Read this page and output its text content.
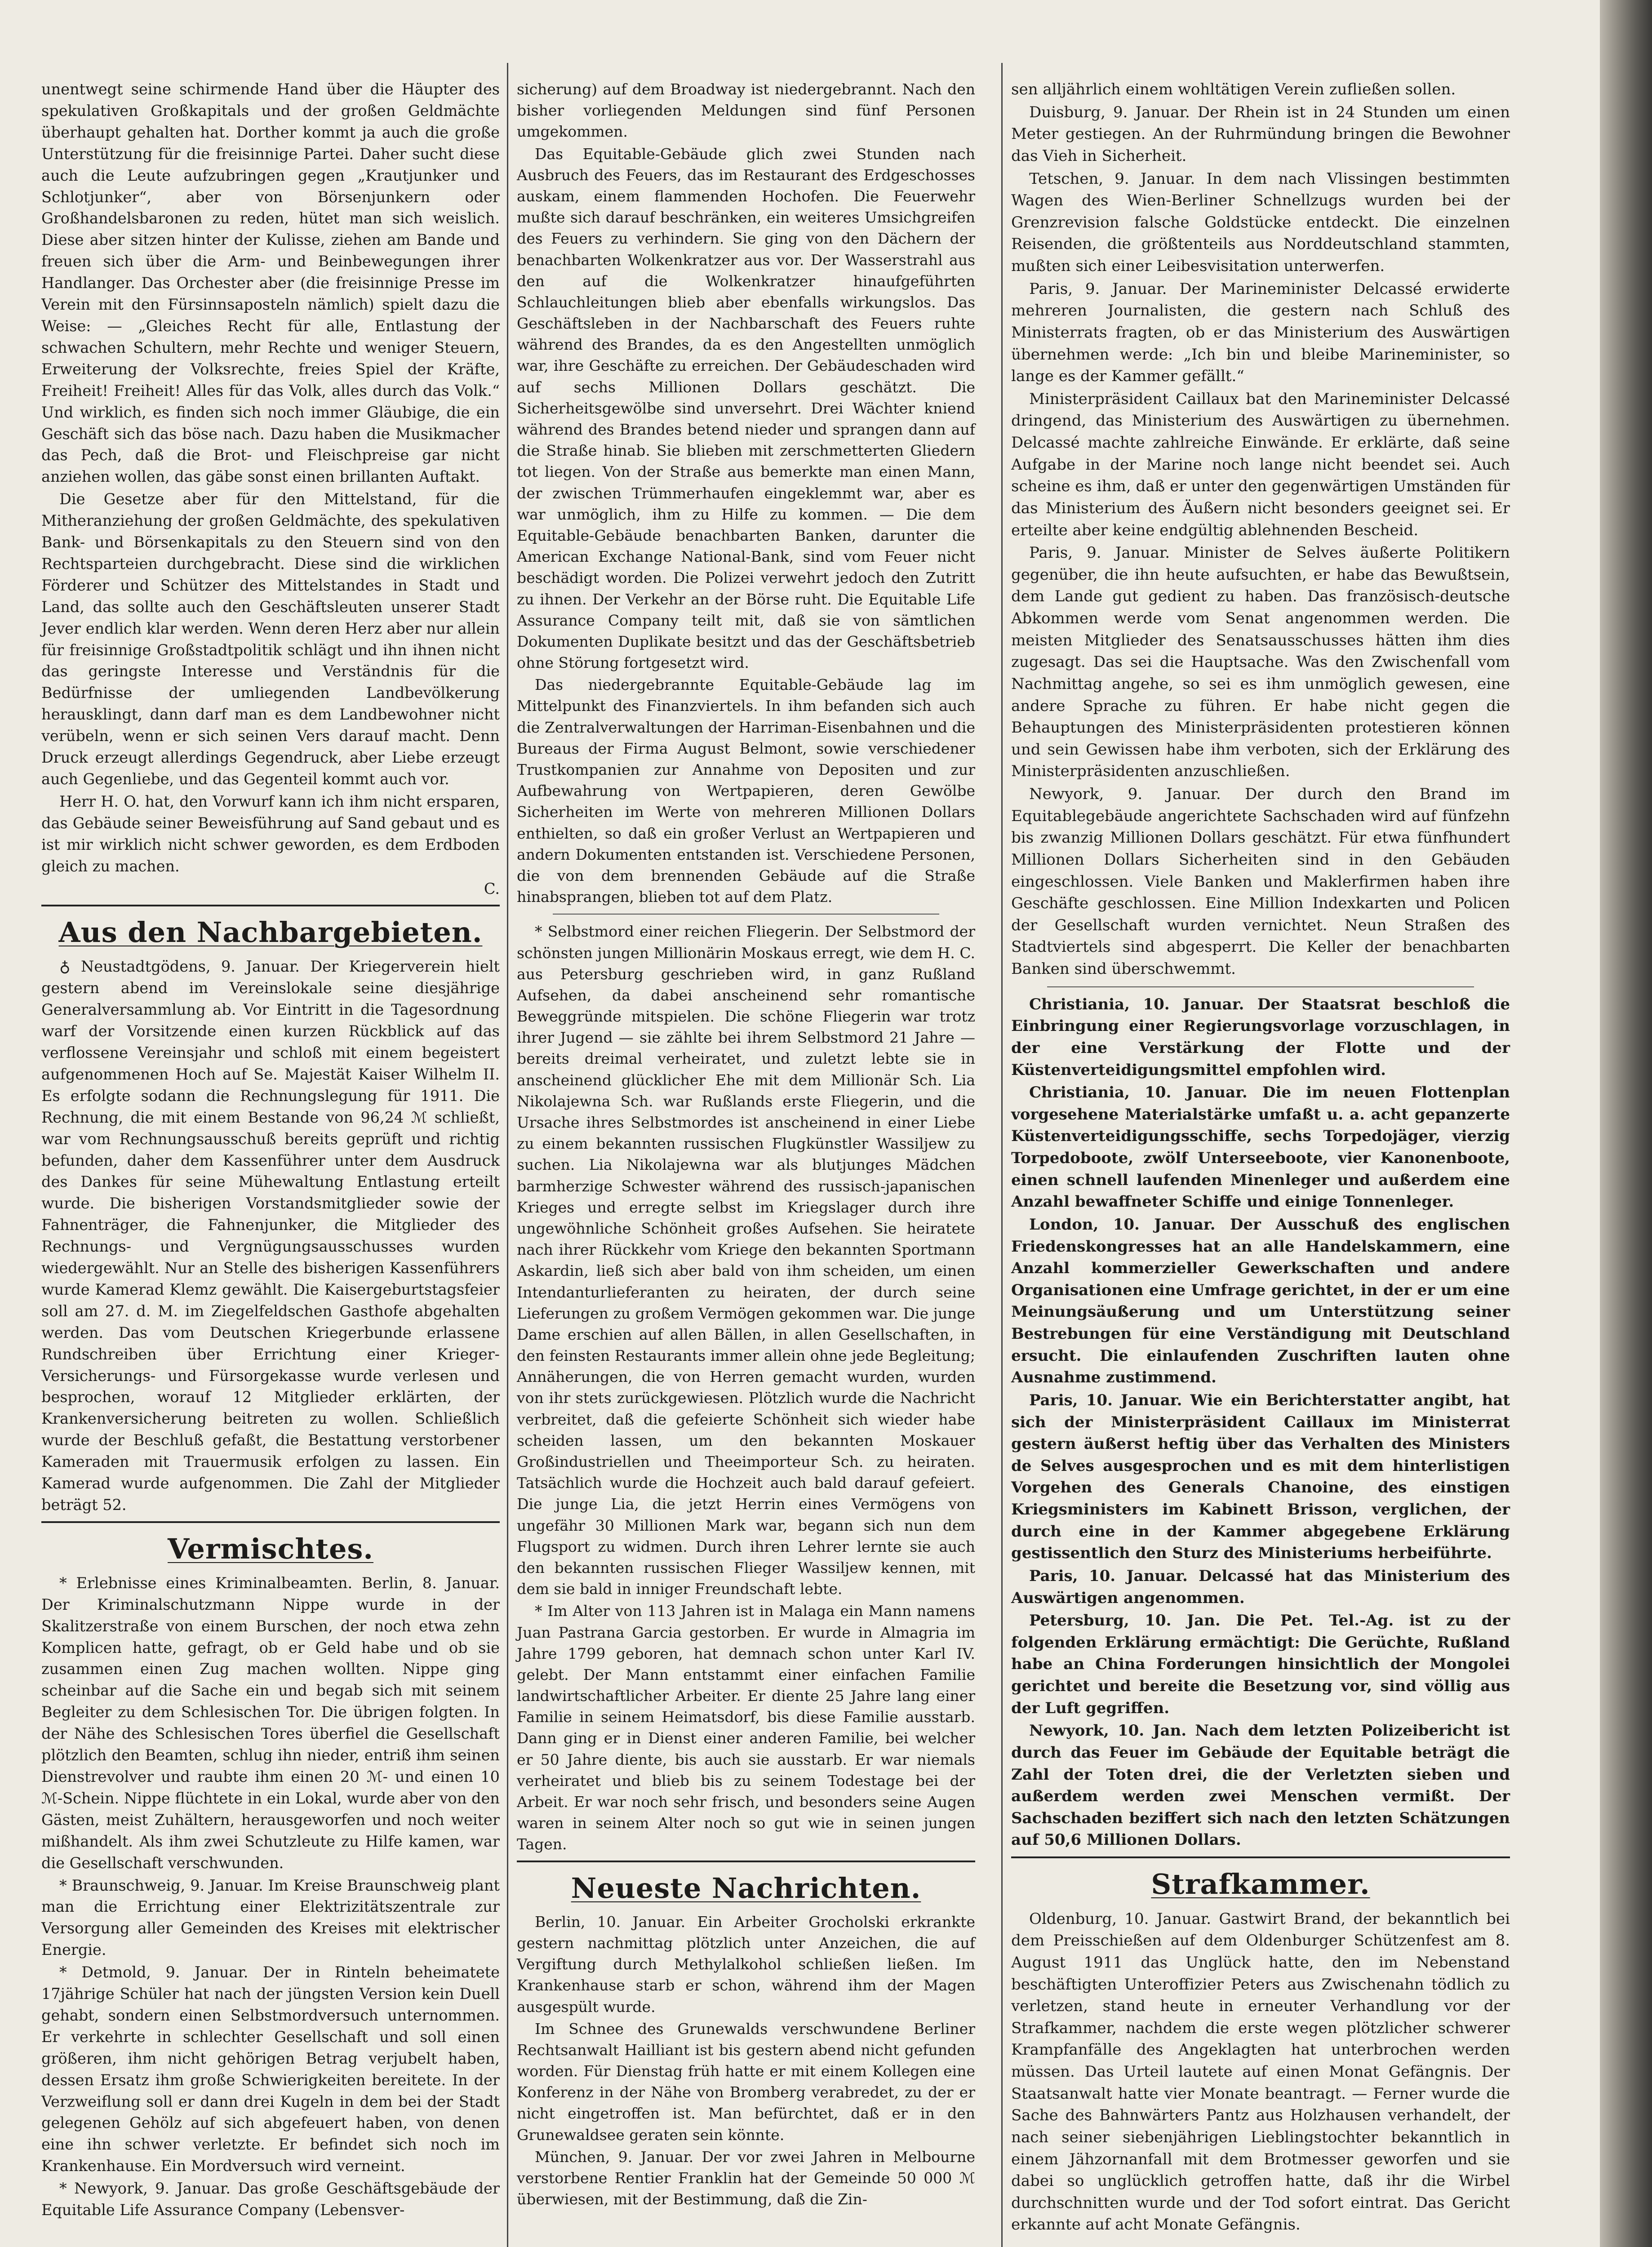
unentwegt seine schirmende Hand über die Häupter des spekulativen Großkapitals und der großen Geldmächte überhaupt gehalten hat. Dorther kommt ja auch die große Unterstützung für die freisinnige Partei. Daher sucht diese auch die Leute aufzubringen gegen „Krautjunker und Schlotjunker“, aber von Börsenjunkern oder Großhandelsbaronen zu reden, hütet man sich weislich. Diese aber sitzen hinter der Kulisse, ziehen am Bande und freuen sich über die Arm- und Beinbewegungen ihrer Handlanger. Das Orchester aber (die freisinnige Presse im Verein mit den Fürsinnsaposteln nämlich) spielt dazu die Weise: — „Gleiches Recht für alle, Entlastung der schwachen Schultern, mehr Rechte und weniger Steuern, Erweiterung der Volksrechte, freies Spiel der Kräfte, Freiheit! Freiheit! Alles für das Volk, alles durch das Volk.“ Und wirklich, es finden sich noch immer Gläubige, die ein Geschäft sich das böse nach. Dazu haben die Musikmacher das Pech, daß die Brot- und Fleischpreise gar nicht anziehen wollen, das gäbe sonst einen brillanten Auftakt.

Die Gesetze aber für den Mittelstand, für die Mitheranziehung der großen Geldmächte, des spekulativen Bank- und Börsenkapitals zu den Steuern sind von den Rechtsparteien durchgebracht. Diese sind die wirklichen Förderer und Schützer des Mittelstandes in Stadt und Land, das sollte auch den Geschäftsleuten unserer Stadt Jever endlich klar werden. Wenn deren Herz aber nur allein für freisinnige Großstadtpolitik schlägt und ihn ihnen nicht das geringste Interesse und Verständnis für die Bedürfnisse der umliegenden Landbevölkerung herausklingt, dann darf man es dem Landbewohner nicht verübeln, wenn er sich seinen Vers darauf macht. Denn Druck erzeugt allerdings Gegendruck, aber Liebe erzeugt auch Gegenliebe, und das Gegenteil kommt auch vor.

Herr H. O. hat, den Vorwurf kann ich ihm nicht ersparen, das Gebäude seiner Beweisführung auf Sand gebaut und es ist mir wirklich nicht schwer geworden, es dem Erdboden gleich zu machen.

C.
Aus den Nachbargebieten.

♁ Neustadtgödens, 9. Januar. Der Kriegerverein hielt gestern abend im Vereinslokale seine diesjährige Generalversammlung ab. Vor Eintritt in die Tagesordnung warf der Vorsitzende einen kurzen Rückblick auf das verflossene Vereinsjahr und schloß mit einem begeistert aufgenommenen Hoch auf Se. Majestät Kaiser Wilhelm II. Es erfolgte sodann die Rechnungslegung für 1911. Die Rechnung, die mit einem Bestande von 96,24 ℳ schließt, war vom Rechnungsausschuß bereits geprüft und richtig befunden, daher dem Kassenführer unter dem Ausdruck des Dankes für seine Mühewaltung Entlastung erteilt wurde. Die bisherigen Vorstandsmitglieder sowie der Fahnenträger, die Fahnenjunker, die Mitglieder des Rechnungs- und Vergnügungsausschusses wurden wiedergewählt. Nur an Stelle des bisherigen Kassenführers wurde Kamerad Klemz gewählt. Die Kaisergeburtstagsfeier soll am 27. d. M. im Ziegelfeldschen Gasthofe abgehalten werden. Das vom Deutschen Kriegerbunde erlassene Rundschreiben über Errichtung einer Krieger-Versicherungs- und Fürsorgekasse wurde verlesen und besprochen, worauf 12 Mitglieder erklärten, der Krankenversicherung beitreten zu wollen. Schließlich wurde der Beschluß gefaßt, die Bestattung verstorbener Kameraden mit Trauermusik erfolgen zu lassen. Ein Kamerad wurde aufgenommen. Die Zahl der Mitglieder beträgt 52.

Vermischtes.

* Erlebnisse eines Kriminalbeamten. Berlin, 8. Januar. Der Kriminalschutzmann Nippe wurde in der Skalitzerstraße von einem Burschen, der noch etwa zehn Komplicen hatte, gefragt, ob er Geld habe und ob sie zusammen einen Zug machen wollten. Nippe ging scheinbar auf die Sache ein und begab sich mit seinem Begleiter zu dem Schlesischen Tor. Die übrigen folgten. In der Nähe des Schlesischen Tores überfiel die Gesellschaft plötzlich den Beamten, schlug ihn nieder, entriß ihm seinen Dienstrevolver und raubte ihm einen 20 ℳ- und einen 10 ℳ-Schein. Nippe flüchtete in ein Lokal, wurde aber von den Gästen, meist Zuhältern, herausgeworfen und noch weiter mißhandelt. Als ihm zwei Schutzleute zu Hilfe kamen, war die Gesellschaft verschwunden.

* Braunschweig, 9. Januar. Im Kreise Braunschweig plant man die Errichtung einer Elektrizitätszentrale zur Versorgung aller Gemeinden des Kreises mit elektrischer Energie.

* Detmold, 9. Januar. Der in Rinteln beheimatete 17jährige Schüler hat nach der jüngsten Version kein Duell gehabt, sondern einen Selbstmordversuch unternommen. Er verkehrte in schlechter Gesellschaft und soll einen größeren, ihm nicht gehörigen Betrag verjubelt haben, dessen Ersatz ihm große Schwierigkeiten bereitete. In der Verzweiflung soll er dann drei Kugeln in dem bei der Stadt gelegenen Gehölz auf sich abgefeuert haben, von denen eine ihn schwer verletzte. Er befindet sich noch im Krankenhause. Ein Mordversuch wird verneint.

* Newyork, 9. Januar. Das große Geschäftsgebäude der Equitable Life Assurance Company (Lebensver-

sicherung) auf dem Broadway ist niedergebrannt. Nach den bisher vorliegenden Meldungen sind fünf Personen umgekommen.

Das Equitable-Gebäude glich zwei Stunden nach Ausbruch des Feuers, das im Restaurant des Erdgeschosses auskam, einem flammenden Hochofen. Die Feuerwehr mußte sich darauf beschränken, ein weiteres Umsichgreifen des Feuers zu verhindern. Sie ging von den Dächern der benachbarten Wolkenkratzer aus vor. Der Wasserstrahl aus den auf die Wolkenkratzer hinaufgeführten Schlauchleitungen blieb aber ebenfalls wirkungslos. Das Geschäftsleben in der Nachbarschaft des Feuers ruhte während des Brandes, da es den Angestellten unmöglich war, ihre Geschäfte zu erreichen. Der Gebäudeschaden wird auf sechs Millionen Dollars geschätzt. Die Sicherheitsgewölbe sind unversehrt. Drei Wächter kniend während des Brandes betend nieder und sprangen dann auf die Straße hinab. Sie blieben mit zerschmetterten Gliedern tot liegen. Von der Straße aus bemerkte man einen Mann, der zwischen Trümmerhaufen eingeklemmt war, aber es war unmöglich, ihm zu Hilfe zu kommen. — Die dem Equitable-Gebäude benachbarten Banken, darunter die American Exchange National-Bank, sind vom Feuer nicht beschädigt worden. Die Polizei verwehrt jedoch den Zutritt zu ihnen. Der Verkehr an der Börse ruht. Die Equitable Life Assurance Company teilt mit, daß sie von sämtlichen Dokumenten Duplikate besitzt und das der Geschäftsbetrieb ohne Störung fortgesetzt wird.

Das niedergebrannte Equitable-Gebäude lag im Mittelpunkt des Finanzviertels. In ihm befanden sich auch die Zentralverwaltungen der Harriman-Eisenbahnen und die Bureaus der Firma August Belmont, sowie verschiedener Trustkompanien zur Annahme von Depositen und zur Aufbewahrung von Wertpapieren, deren Gewölbe Sicherheiten im Werte von mehreren Millionen Dollars enthielten, so daß ein großer Verlust an Wertpapieren und andern Dokumenten entstanden ist. Verschiedene Personen, die von dem brennenden Gebäude auf die Straße hinabsprangen, blieben tot auf dem Platz.

* Selbstmord einer reichen Fliegerin. Der Selbstmord der schönsten jungen Millionärin Moskaus erregt, wie dem H. C. aus Petersburg geschrieben wird, in ganz Rußland Aufsehen, da dabei anscheinend sehr romantische Beweggründe mitspielen. Die schöne Fliegerin war trotz ihrer Jugend — sie zählte bei ihrem Selbstmord 21 Jahre — bereits dreimal verheiratet, und zuletzt lebte sie in anscheinend glücklicher Ehe mit dem Millionär Sch. Lia Nikolajewna Sch. war Rußlands erste Fliegerin, und die Ursache ihres Selbstmordes ist anscheinend in einer Liebe zu einem bekannten russischen Flugkünstler Wassiljew zu suchen. Lia Nikolajewna war als blutjunges Mädchen barmherzige Schwester während des russisch-japanischen Krieges und erregte selbst im Kriegslager durch ihre ungewöhnliche Schönheit großes Aufsehen. Sie heiratete nach ihrer Rückkehr vom Kriege den bekannten Sportmann Askardin, ließ sich aber bald von ihm scheiden, um einen Intendanturlieferanten zu heiraten, der durch seine Lieferungen zu großem Vermögen gekommen war. Die junge Dame erschien auf allen Bällen, in allen Gesellschaften, in den feinsten Restaurants immer allein ohne jede Begleitung; Annäherungen, die von Herren gemacht wurden, wurden von ihr stets zurückgewiesen. Plötzlich wurde die Nachricht verbreitet, daß die gefeierte Schönheit sich wieder habe scheiden lassen, um den bekannten Moskauer Großindustriellen und Theeimporteur Sch. zu heiraten. Tatsächlich wurde die Hochzeit auch bald darauf gefeiert. Die junge Lia, die jetzt Herrin eines Vermögens von ungefähr 30 Millionen Mark war, begann sich nun dem Flugsport zu widmen. Durch ihren Lehrer lernte sie auch den bekannten russischen Flieger Wassiljew kennen, mit dem sie bald in inniger Freundschaft lebte.

* Im Alter von 113 Jahren ist in Malaga ein Mann namens Juan Pastrana Garcia gestorben. Er wurde in Almagria im Jahre 1799 geboren, hat demnach schon unter Karl IV. gelebt. Der Mann entstammt einer einfachen Familie landwirtschaftlicher Arbeiter. Er diente 25 Jahre lang einer Familie in seinem Heimatsdorf, bis diese Familie ausstarb. Dann ging er in Dienst einer anderen Familie, bei welcher er 50 Jahre diente, bis auch sie ausstarb. Er war niemals verheiratet und blieb bis zu seinem Todestage bei der Arbeit. Er war noch sehr frisch, und besonders seine Augen waren in seinem Alter noch so gut wie in seinen jungen Tagen.

Neueste Nachrichten.

Berlin, 10. Januar. Ein Arbeiter Grocholski erkrankte gestern nachmittag plötzlich unter Anzeichen, die auf Vergiftung durch Methylalkohol schließen ließen. Im Krankenhause starb er schon, während ihm der Magen ausgespült wurde.

Im Schnee des Grunewalds verschwundene Berliner Rechtsanwalt Hailliant ist bis gestern abend nicht gefunden worden. Für Dienstag früh hatte er mit einem Kollegen eine Konferenz in der Nähe von Bromberg verabredet, zu der er nicht eingetroffen ist. Man befürchtet, daß er in den Grunewaldsee geraten sein könnte.

München, 9. Januar. Der vor zwei Jahren in Melbourne verstorbene Rentier Franklin hat der Gemeinde 50 000 ℳ überwiesen, mit der Bestimmung, daß die Zin-

sen alljährlich einem wohltätigen Verein zufließen sollen.

Duisburg, 9. Januar. Der Rhein ist in 24 Stunden um einen Meter gestiegen. An der Ruhrmündung bringen die Bewohner das Vieh in Sicherheit.

Tetschen, 9. Januar. In dem nach Vlissingen bestimmten Wagen des Wien-Berliner Schnellzugs wurden bei der Grenzrevision falsche Goldstücke entdeckt. Die einzelnen Reisenden, die größtenteils aus Norddeutschland stammten, mußten sich einer Leibesvisitation unterwerfen.

Paris, 9. Januar. Der Marineminister Delcassé erwiderte mehreren Journalisten, die gestern nach Schluß des Ministerrats fragten, ob er das Ministerium des Auswärtigen übernehmen werde: „Ich bin und bleibe Marineminister, so lange es der Kammer gefällt.“

Ministerpräsident Caillaux bat den Marineminister Delcassé dringend, das Ministerium des Auswärtigen zu übernehmen. Delcassé machte zahlreiche Einwände. Er erklärte, daß seine Aufgabe in der Marine noch lange nicht beendet sei. Auch scheine es ihm, daß er unter den gegenwärtigen Umständen für das Ministerium des Äußern nicht besonders geeignet sei. Er erteilte aber keine endgültig ablehnenden Bescheid.

Paris, 9. Januar. Minister de Selves äußerte Politikern gegenüber, die ihn heute aufsuchten, er habe das Bewußtsein, dem Lande gut gedient zu haben. Das französisch-deutsche Abkommen werde vom Senat angenommen werden. Die meisten Mitglieder des Senatsausschusses hätten ihm dies zugesagt. Das sei die Hauptsache. Was den Zwischenfall vom Nachmittag angehe, so sei es ihm unmöglich gewesen, eine andere Sprache zu führen. Er habe nicht gegen die Behauptungen des Ministerpräsidenten protestieren können und sein Gewissen habe ihm verboten, sich der Erklärung des Ministerpräsidenten anzuschließen.

Newyork, 9. Januar. Der durch den Brand im Equitablegebäude angerichtete Sachschaden wird auf fünfzehn bis zwanzig Millionen Dollars geschätzt. Für etwa fünfhundert Millionen Dollars Sicherheiten sind in den Gebäuden eingeschlossen. Viele Banken und Maklerfirmen haben ihre Geschäfte geschlossen. Eine Million Indexkarten und Policen der Gesellschaft wurden vernichtet. Neun Straßen des Stadtviertels sind abgesperrt. Die Keller der benachbarten Banken sind überschwemmt.

Christiania, 10. Januar. Der Staatsrat beschloß die Einbringung einer Regierungsvorlage vorzuschlagen, in der eine Verstärkung der Flotte und der Küstenverteidigungsmittel empfohlen wird.

Christiania, 10. Januar. Die im neuen Flottenplan vorgesehene Materialstärke umfaßt u. a. acht gepanzerte Küstenverteidigungsschiffe, sechs Torpedojäger, vierzig Torpedoboote, zwölf Unterseeboote, vier Kanonenboote, einen schnell laufenden Minenleger und außerdem eine Anzahl bewaffneter Schiffe und einige Tonnenleger.

London, 10. Januar. Der Ausschuß des englischen Friedenskongresses hat an alle Handelskammern, eine Anzahl kommerzieller Gewerkschaften und andere Organisationen eine Umfrage gerichtet, in der er um eine Meinungsäußerung und um Unterstützung seiner Bestrebungen für eine Verständigung mit Deutschland ersucht. Die einlaufenden Zuschriften lauten ohne Ausnahme zustimmend.

Paris, 10. Januar. Wie ein Berichterstatter angibt, hat sich der Ministerpräsident Caillaux im Ministerrat gestern äußerst heftig über das Verhalten des Ministers de Selves ausgesprochen und es mit dem hinterlistigen Vorgehen des Generals Chanoine, des einstigen Kriegsministers im Kabinett Brisson, verglichen, der durch eine in der Kammer abgegebene Erklärung gestissentlich den Sturz des Ministeriums herbeiführte.

Paris, 10. Januar. Delcassé hat das Ministerium des Auswärtigen angenommen.

Petersburg, 10. Jan. Die Pet. Tel.-Ag. ist zu der folgenden Erklärung ermächtigt: Die Gerüchte, Rußland habe an China Forderungen hinsichtlich der Mongolei gerichtet und bereite die Besetzung vor, sind völlig aus der Luft gegriffen.

Newyork, 10. Jan. Nach dem letzten Polizeibericht ist durch das Feuer im Gebäude der Equitable beträgt die Zahl der Toten drei, die der Verletzten sieben und außerdem werden zwei Menschen vermißt. Der Sachschaden beziffert sich nach den letzten Schätzungen auf 50,6 Millionen Dollars.

Strafkammer.

Oldenburg, 10. Januar. Gastwirt Brand, der bekanntlich bei dem Preisschießen auf dem Oldenburger Schützenfest am 8. August 1911 das Unglück hatte, den im Nebenstand beschäftigten Unteroffizier Peters aus Zwischenahn tödlich zu verletzen, stand heute in erneuter Verhandlung vor der Strafkammer, nachdem die erste wegen plötzlicher schwerer Krampfanfälle des Angeklagten hat unterbrochen werden müssen. Das Urteil lautete auf einen Monat Gefängnis. Der Staatsanwalt hatte vier Monate beantragt. — Ferner wurde die Sache des Bahnwärters Pantz aus Holzhausen verhandelt, der nach seiner siebenjährigen Lieblingstochter bekanntlich in einem Jähzornanfall mit dem Brotmesser geworfen und sie dabei so unglücklich getroffen hatte, daß ihr die Wirbel durchschnitten wurde und der Tod sofort eintrat. Das Gericht erkannte auf acht Monate Gefängnis.
